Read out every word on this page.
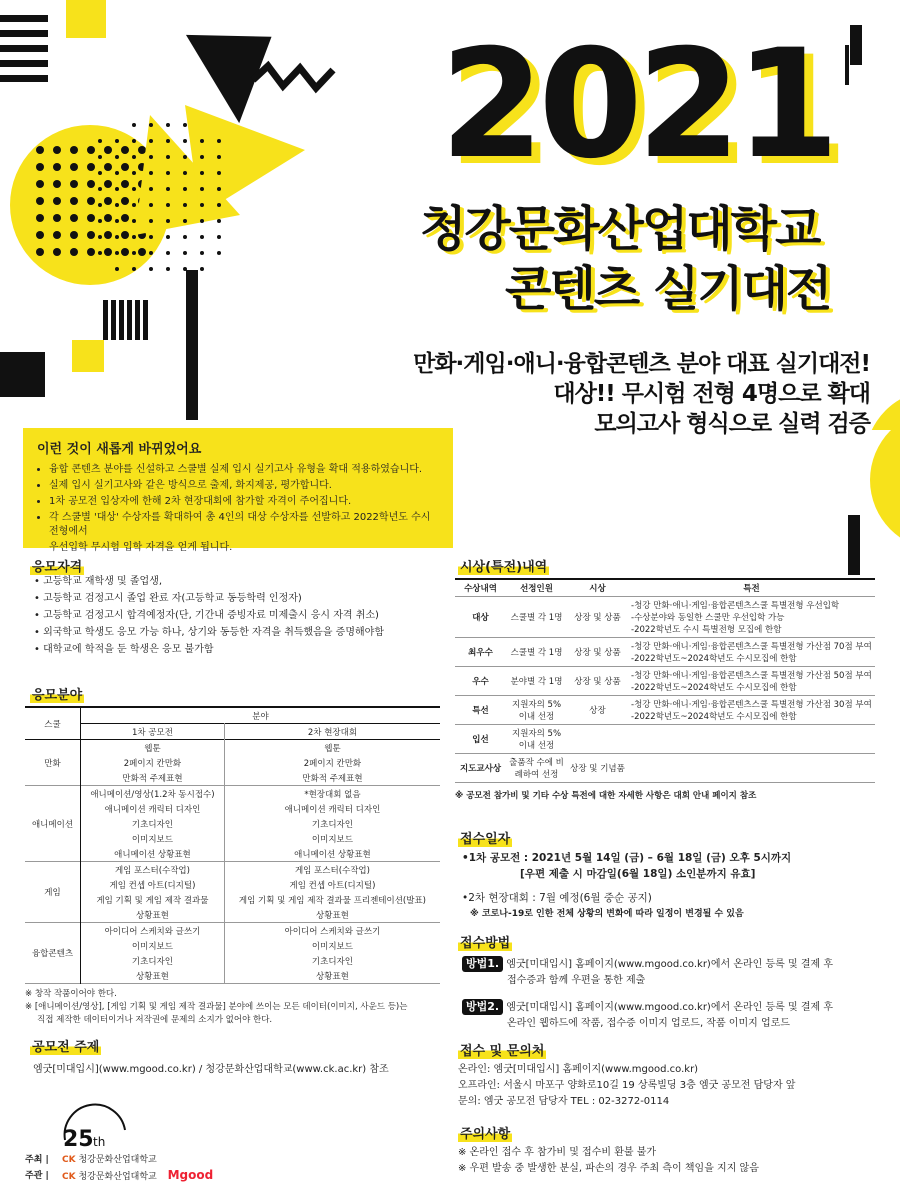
2021
청강문화산업대학교
콘텐츠 실기대전
만화·게임·애니·융합콘텐츠 분야 대표 실기대전!
대상!! 무시험 전형 4명으로 확대
모의고사 형식으로 실력 검증
이런 것이 새롭게 바뀌었어요
• 융합 콘텐츠 분야를 신설하고 스쿨별 실제 입시 실기고사 유형을 확대 적용하였습니다.
• 실제 입시 실기고사와 같은 방식으로 출제, 화지제공, 평가합니다.
• 1차 공모전 입상자에 한해 2차 현장대회에 참가할 자격이 주어집니다.
• 각 스쿨별 '대상' 수상자를 확대하여 총 4인의 대상 수상자를 선발하고 2022학년도 수시 전형에서
우선입학 무시험 입학 자격을 얻게 됩니다.
응모자격
• 고등학교 재학생 및 졸업생,
• 고등학교 검정고시 졸업 완료 자(고등학교 동등학력 인정자)
• 고등학교 검정고시 합격예정자(단, 기간내 증빙자료 미제출시 응시 자격 취소)
• 외국학교 학생도 응모 가능 하나, 상기와 동등한 자격을 취득했음을 증명해야함
• 대학교에 학적을 둔 학생은 응모 불가함
응모분야
스쿨	분야	
	1차 공모전	2차 현장대회
만화	웹툰	웹툰
	2페이지 칸만화	2페이지 칸만화
	만화적 주제표현	만화적 주제표현
애니메이션	애니메이션/영상(1.2차 동시접수)	*현장대회 없음
	애니메이션 캐릭터 디자인	애니메이션 캐릭터 디자인
	기초디자인	기초디자인
	이미지보드	이미지보드
	애니메이션 상황표현	애니메이션 상황표현
게임	게임 포스터(수작업)	게임 포스터(수작업)
	게임 컨셉 아트(디지털)	게임 컨셉 아트(디지털)
	게임 기획 및 게임 제작 결과물	게임 기획 및 게임 제작 결과물 프리젠테이션(발표)
	상황표현	상황표현
융합콘텐츠	아이디어 스케치와 글쓰기	아이디어 스케치와 글쓰기
	이미지보드	이미지보드
	기초디자인	기초디자인
	상황표현	상황표현
※ 창작 작품이어야 한다.
※ [애니메이션/영상], [게임 기획 및 게임 제작 결과물] 분야에 쓰이는 모든 데이터(이미지, 사운드 등)는
직접 제작한 데이터이거나 저작권에 문제의 소지가 없어야 한다.
공모전 주제
엠굿[미대입시](www.mgood.co.kr) / 청강문화산업대학교(www.ck.ac.kr) 참조
25 th
주최 | CK 청강문화산업대학교
주관 | CK 청강문화산업대학교 Mgood
시상(특전)내역
수상내역	선정인원	시상	특전
대상	스쿨별 각 1명	상장 및 상품	-청강 만화·애니·게임·융합콘텐츠스쿨 특별전형 우선입학
-수상분야와 동일한 스쿨만 우선입학 가능
-2022학년도 수시 특별전형 모집에 한함

최우수	스쿨별 각 1명	상장 및 상품	-청강 만화·애니·게임·융합콘텐츠스쿨 특별전형 가산점 70점 부여
-2022학년도~2024학년도 수시모집에 한함

우수	분야별 각 1명	상장 및 상품	-청강 만화·애니·게임·융합콘텐츠스쿨 특별전형 가산점 50점 부여
-2022학년도~2024학년도 수시모집에 한함

특선	지원자의 5%이내 선정	상장	-청강 만화·애니·게임·융합콘텐츠스쿨 특별전형 가산점 30점 부여
-2022학년도~2024학년도 수시모집에 한함

입선	지원자의 5%이내 선정		
지도교사상	출품작 수에 비례하여 선정	상장 및 기념품	
※ 공모전 참가비 및 기타 수상 특전에 대한 자세한 사항은 대회 안내 페이지 참조
접수일자
•1차 공모전 : 2021년 5월 14일 (금) – 6월 18일 (금) 오후 5시까지
[우편 제출 시 마감일(6월 18일) 소인분까지 유효]
•2차 현장대회 : 7월 예정(6월 중순 공지)
※ 코로나-19로 인한 전체 상황의 변화에 따라 일정이 변경될 수 있음
접수방법
방법1. 엠굿[미대입시] 홈페이지(www.mgood.co.kr)에서 온라인 등록 및 결제 후
접수증과 함께 우편을 통한 제출
방법2. 엠굿[미대입시] 홈페이지(www.mgood.co.kr)에서 온라인 등록 및 결제 후
온라인 웹하드에 작품, 접수증 이미지 업로드, 작품 이미지 업로드
접수 및 문의처
온라인: 엠굿[미대입시] 홈페이지(www.mgood.co.kr)
오프라인: 서울시 마포구 양화로10길 19 상록빌딩 3층 엠굿 공모전 담당자 앞
문의: 엠굿 공모전 담당자 TEL : 02-3272-0114
주의사항
※ 온라인 접수 후 참가비 및 접수비 환불 불가
※ 우편 발송 중 발생한 분실, 파손의 경우 주최 측이 책임을 지지 않음
